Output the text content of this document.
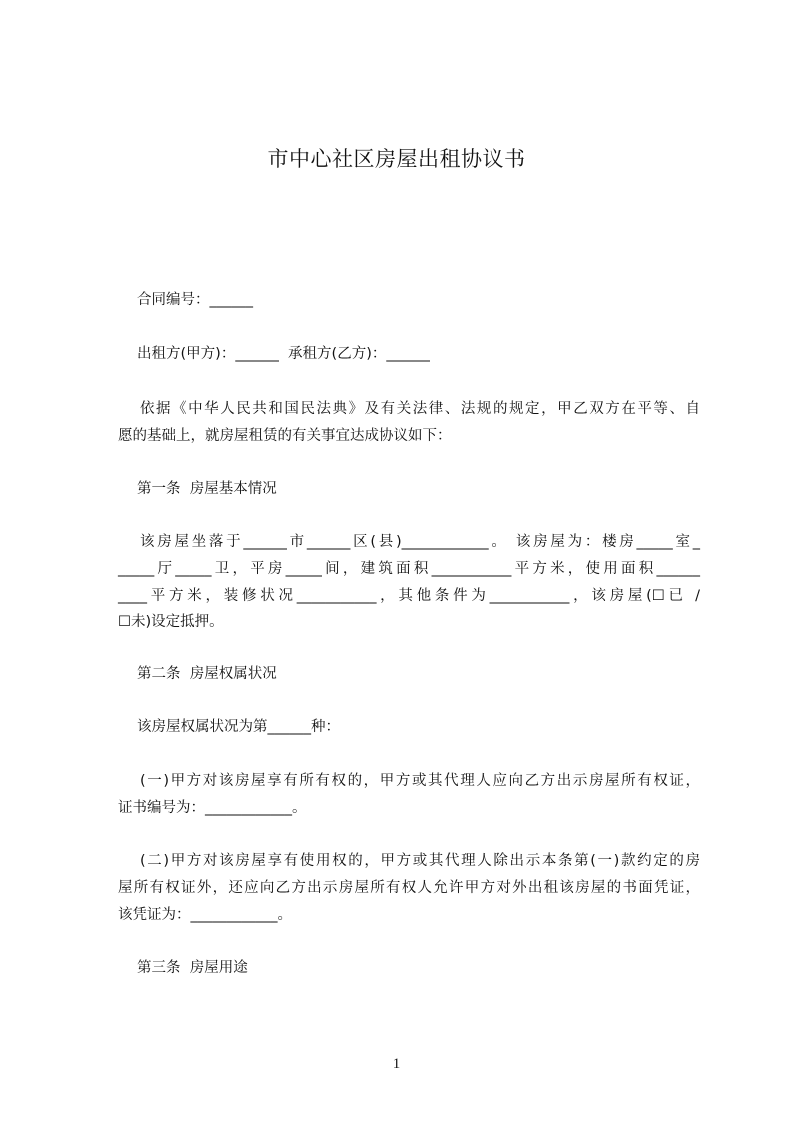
市中心社区房屋出租协议书
合同编号：______
出租方(甲方)：______  承租方(乙方)：______
依据《中华人民共和国民法典》及有关法律、法规的规定，甲乙双方在平等、自
愿的基础上，就房屋租赁的有关事宜达成协议如下：
第一条  房屋基本情况
该房屋坐落于______市______区(县)____________。 该房屋为：楼房_____室_
_____厅_____卫，平房_____间，建筑面积___________平方米，使用面积______
____平方米，装修状况___________，其他条件为___________，该房屋(☐已 /
☐未)设定抵押。
第二条  房屋权属状况
该房屋权属状况为第______种：
(一)甲方对该房屋享有所有权的，甲方或其代理人应向乙方出示房屋所有权证，
证书编号为：____________。
(二)甲方对该房屋享有使用权的，甲方或其代理人除出示本条第(一)款约定的房
屋所有权证外，还应向乙方出示房屋所有权人允许甲方对外出租该房屋的书面凭证，
该凭证为：____________。
第三条  房屋用途
1
